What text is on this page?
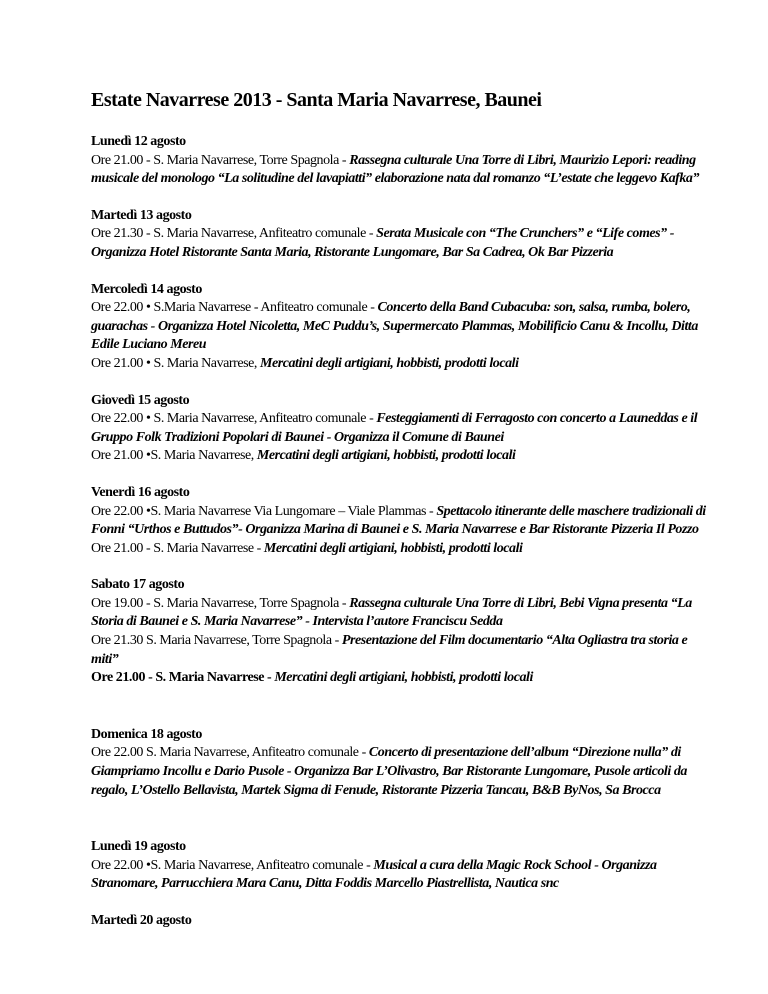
Estate Navarrese 2013 - Santa Maria Navarrese, Baunei

Lunedì 12 agosto

Ore 21.00 - S. Maria Navarrese, Torre Spagnola - Rassegna culturale Una Torre di Libri, Maurizio Lepori: reading musicale del monologo “La solitudine del lavapiatti” elaborazione nata dal romanzo “L’estate che leggevo Kafka”

Martedì 13 agosto

Ore 21.30 - S. Maria Navarrese, Anfiteatro comunale - Serata Musicale con “The Crunchers” e “Life comes” - Organizza Hotel Ristorante Santa Maria, Ristorante Lungomare, Bar Sa Cadrea, Ok Bar Pizzeria

Mercoledì 14 agosto

Ore 22.00 • S.Maria Navarrese - Anfiteatro comunale - Concerto della Band Cubacuba: son, salsa, rumba, bolero, guarachas - Organizza Hotel Nicoletta, MeC Puddu’s, Supermercato Plammas, Mobilificio Canu & Incollu, Ditta Edile Luciano Mereu

Ore 21.00 • S. Maria Navarrese, Mercatini degli artigiani, hobbisti, prodotti locali

Giovedì 15 agosto

Ore 22.00 • S. Maria Navarrese, Anfiteatro comunale - Festeggiamenti di Ferragosto con concerto a Launeddas e il Gruppo Folk Tradizioni Popolari di Baunei - Organizza il Comune di Baunei

Ore 21.00 •S. Maria Navarrese, Mercatini degli artigiani, hobbisti, prodotti locali

Venerdì 16 agosto

Ore 22.00 •S. Maria Navarrese Via Lungomare – Viale Plammas - Spettacolo itinerante delle maschere tradizionali di Fonni “Urthos e Buttudos”- Organizza Marina di Baunei e S. Maria Navarrese e Bar Ristorante Pizzeria Il Pozzo

Ore 21.00 - S. Maria Navarrese - Mercatini degli artigiani, hobbisti, prodotti locali

Sabato 17 agosto

Ore 19.00 - S. Maria Navarrese, Torre Spagnola - Rassegna culturale Una Torre di Libri, Bebi Vigna presenta “La Storia di Baunei e S. Maria Navarrese” - Intervista l’autore Franciscu Sedda

Ore 21.30 S. Maria Navarrese, Torre Spagnola - Presentazione del Film documentario “Alta Ogliastra tra storia e miti”

Ore 21.00 - S. Maria Navarrese - Mercatini degli artigiani, hobbisti, prodotti locali

Domenica 18 agosto

Ore 22.00 S. Maria Navarrese, Anfiteatro comunale - Concerto di presentazione dell’album “Direzione nulla” di Giampriamo Incollu e Dario Pusole - Organizza Bar L’Olivastro, Bar Ristorante Lungomare, Pusole articoli da regalo, L’Ostello Bellavista, Martek Sigma di Fenude, Ristorante Pizzeria Tancau, B&B ByNos, Sa Brocca

Lunedì 19 agosto

Ore 22.00 •S. Maria Navarrese, Anfiteatro comunale - Musical a cura della Magic Rock School - Organizza Stranomare, Parrucchiera Mara Canu, Ditta Foddis Marcello Piastrellista, Nautica snc

Martedì 20 agosto
